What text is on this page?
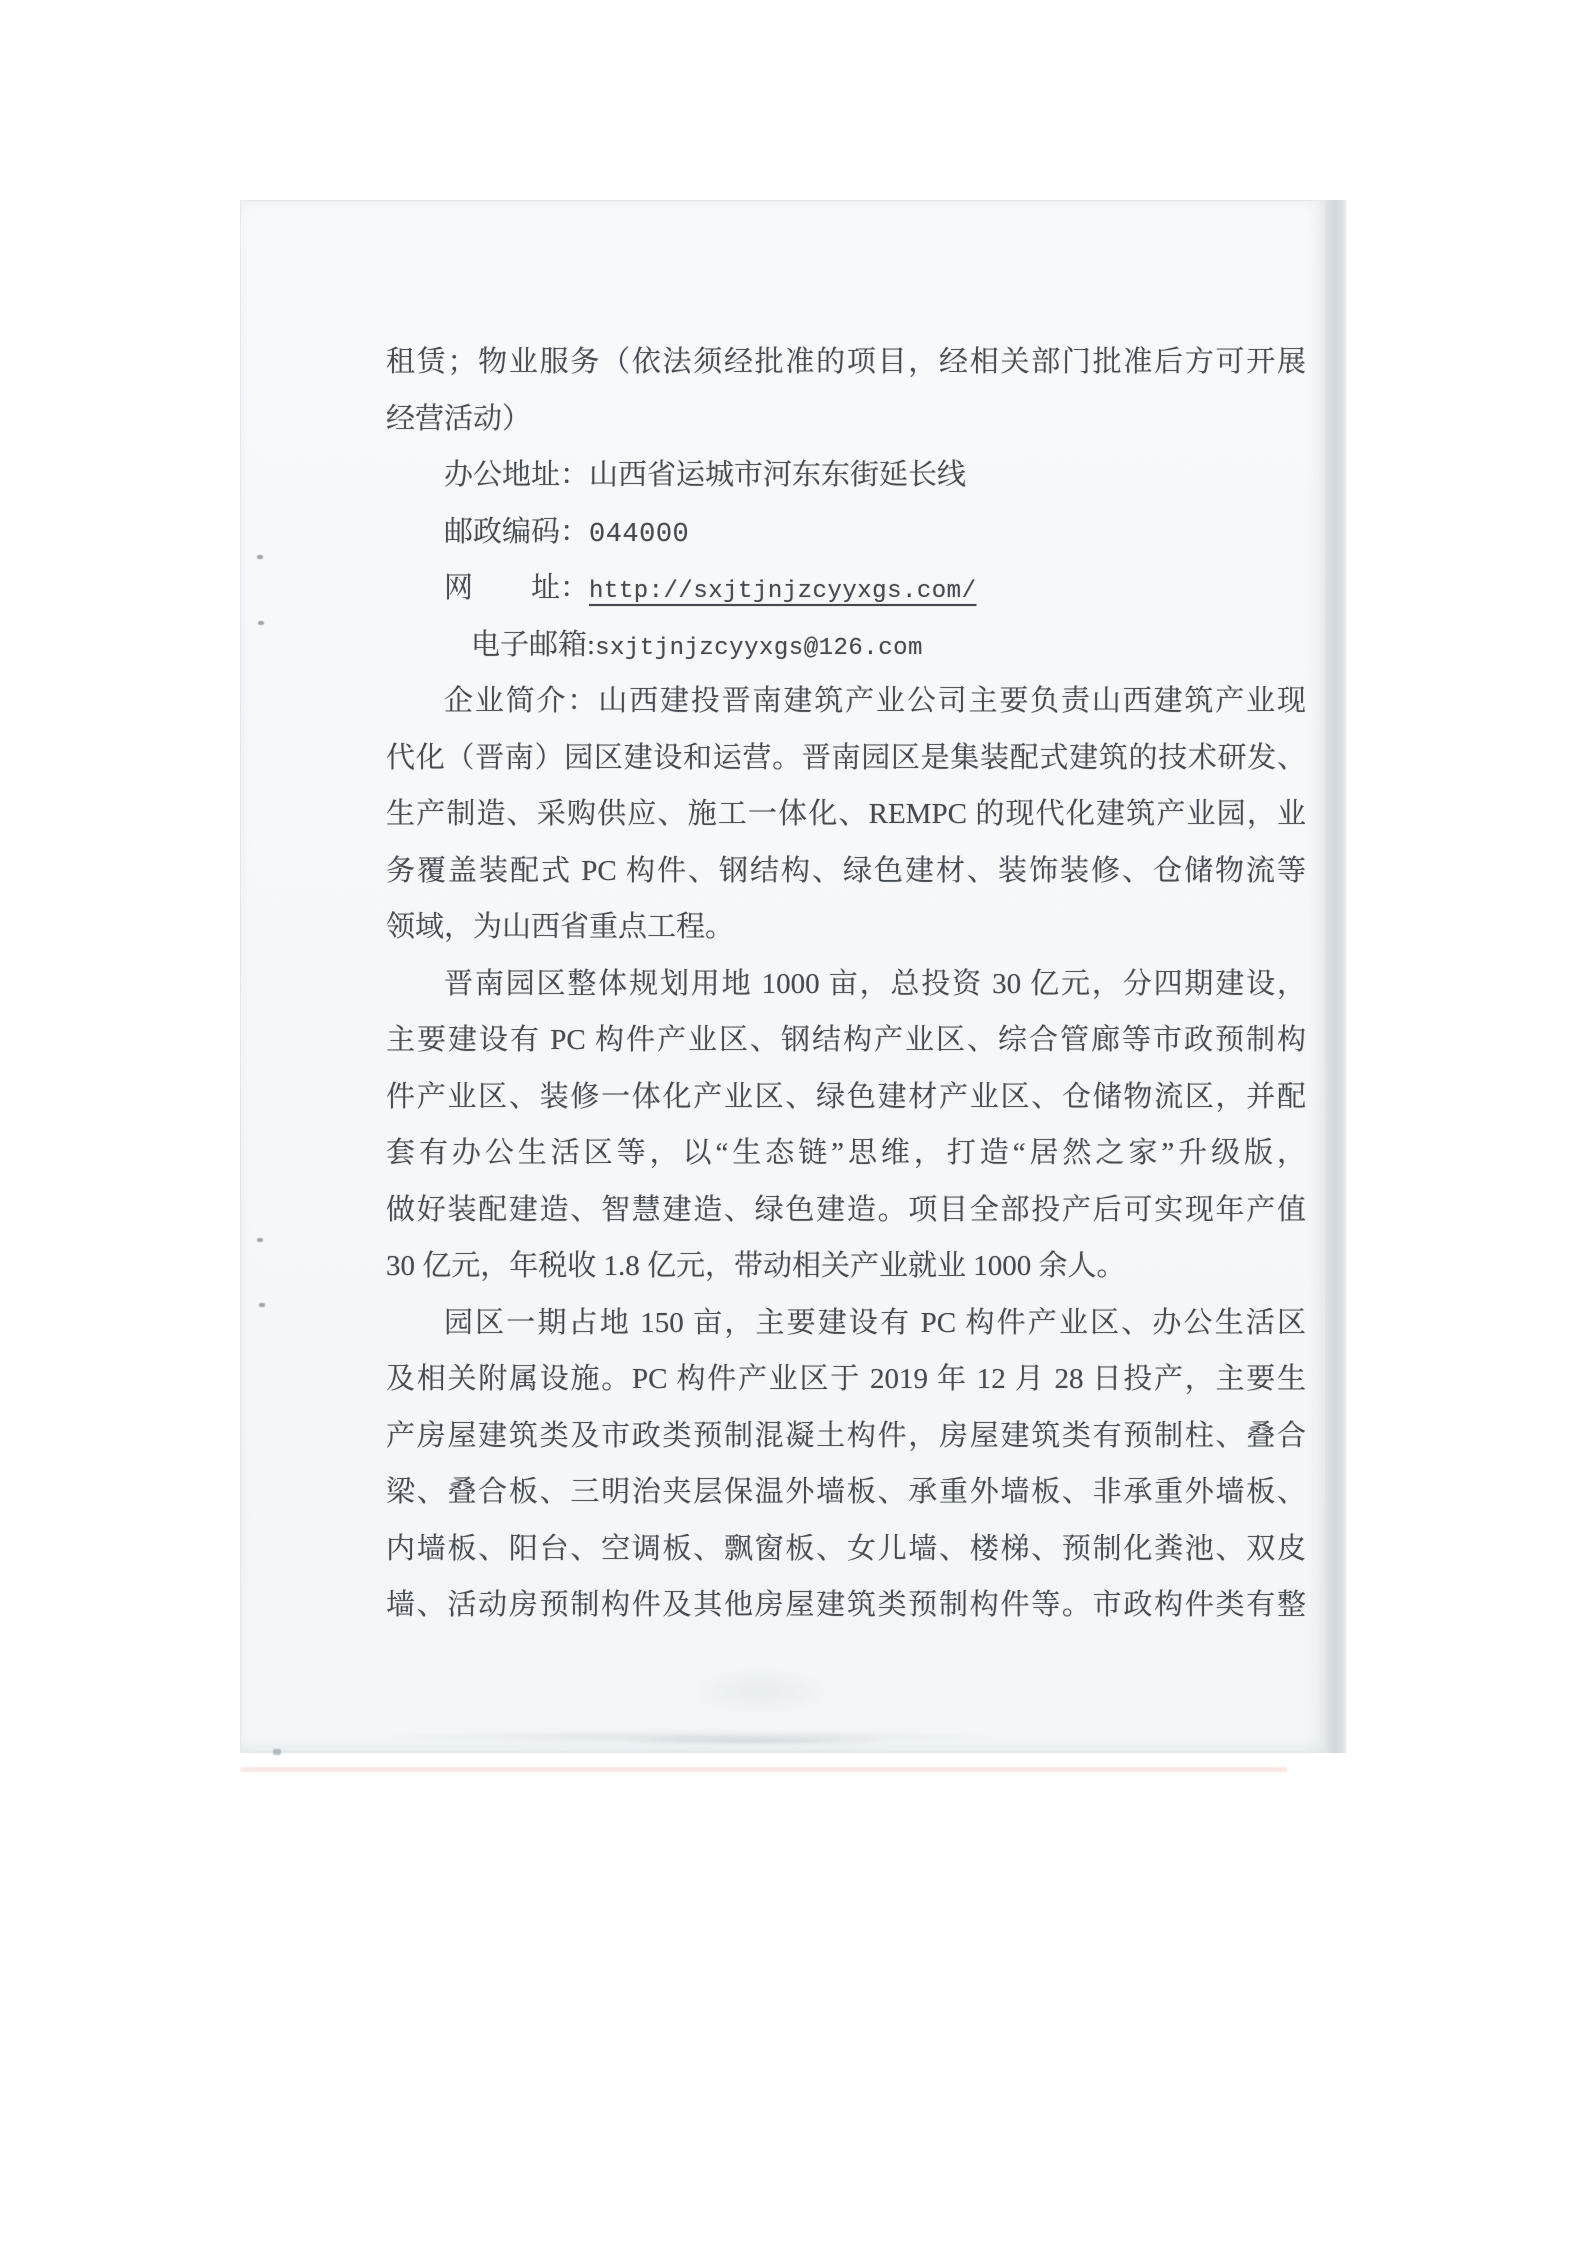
租赁；物业服务（依法须经批准的项目，经相关部门批准后方可开展
经营活动）
办公地址：山西省运城市河东东街延长线
邮政编码：044000
网　　址：http://sxjtjnjzcyyxgs.com/
电子邮箱:sxjtjnjzcyyxgs@126.com
企业简介：山西建投晋南建筑产业公司主要负责山西建筑产业现
代化（晋南）园区建设和运营。晋南园区是集装配式建筑的技术研发、
生产制造、采购供应、施工一体化、REMPC 的现代化建筑产业园，业
务覆盖装配式 PC 构件、钢结构、绿色建材、装饰装修、仓储物流等
领域，为山西省重点工程。
晋南园区整体规划用地 1000 亩，总投资 30 亿元，分四期建设，
主要建设有 PC 构件产业区、钢结构产业区、综合管廊等市政预制构
件产业区、装修一体化产业区、绿色建材产业区、仓储物流区，并配
套有办公生活区等，以“生态链”思维，打造“居然之家”升级版，
做好装配建造、智慧建造、绿色建造。项目全部投产后可实现年产值
30 亿元，年税收 1.8 亿元，带动相关产业就业 1000 余人。
园区一期占地 150 亩，主要建设有 PC 构件产业区、办公生活区
及相关附属设施。PC 构件产业区于 2019 年 12 月 28 日投产，主要生
产房屋建筑类及市政类预制混凝土构件，房屋建筑类有预制柱、叠合
梁、叠合板、三明治夹层保温外墙板、承重外墙板、非承重外墙板、
内墙板、阳台、空调板、飘窗板、女儿墙、楼梯、预制化粪池、双皮
墙、活动房预制构件及其他房屋建筑类预制构件等。市政构件类有整
